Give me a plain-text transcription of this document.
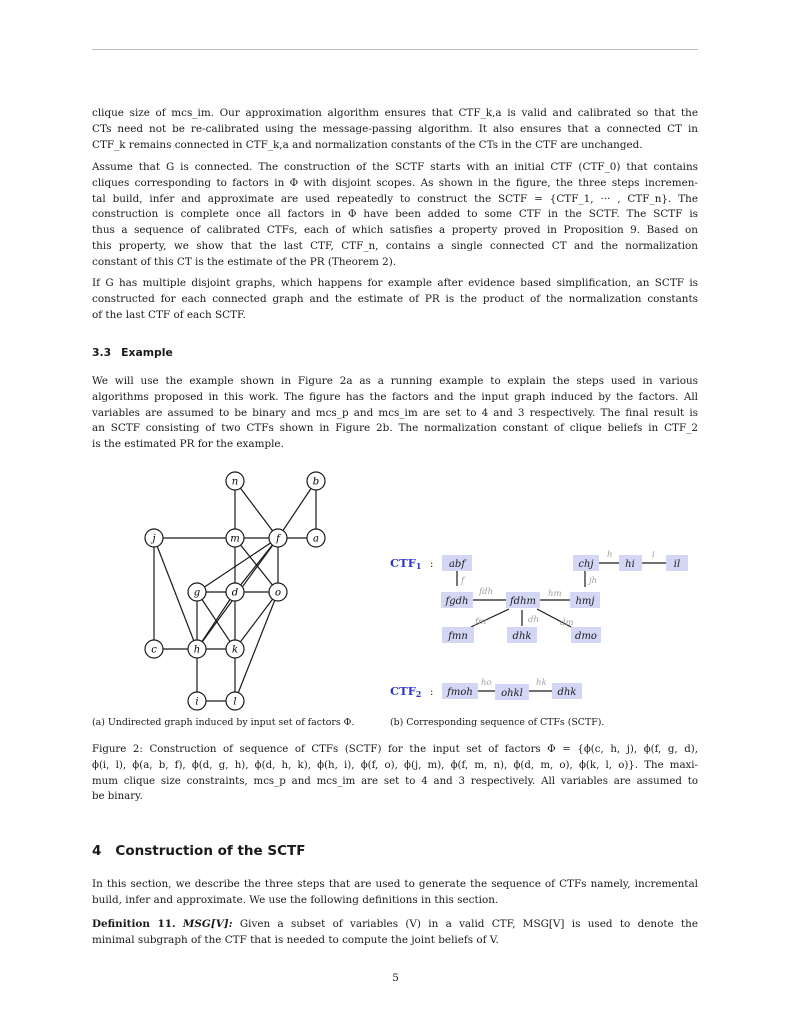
clique size of mcs_im. Our approximation algorithm ensures that CTF_k,a is valid and calibrated so that the
CTs need not be re-calibrated using the message-passing algorithm. It also ensures that a connected CT in
CTF_k remains connected in CTF_k,a and normalization constants of the CTs in the CTF are unchanged.

Assume that G is connected. The construction of the SCTF starts with an initial CTF (CTF_0) that contains
cliques corresponding to factors in Φ with disjoint scopes. As shown in the figure, the three steps incremen-
tal build, infer and approximate are used repeatedly to construct the SCTF = {CTF_1, ··· , CTF_n}. The
construction is complete once all factors in Φ have been added to some CTF in the SCTF. The SCTF is
thus a sequence of calibrated CTFs, each of which satisfies a property proved in Proposition 9. Based on
this property, we show that the last CTF, CTF_n, contains a single connected CT and the normalization
constant of this CT is the estimate of the PR (Theorem 2).

If G has multiple disjoint graphs, which happens for example after evidence based simplification, an SCTF is
constructed for each connected graph and the estimate of PR is the product of the normalization constants
of the last CTF of each SCTF.

3.3 Example

We will use the example shown in Figure 2a as a running example to explain the steps used in various
algorithms proposed in this work. The figure has the factors and the input graph induced by the factors. All
variables are assumed to be binary and mcs_p and mcs_im are set to 4 and 3 respectively. The final result is
an SCTF consisting of two CTFs shown in Figure 2b. The normalization constant of clique beliefs in CTF_2
is the estimated PR for the example.

n	b
j	m	f	a
g	d	o
c	h	k
i	l
CTF1 :
CTF2 :
abf	chj	hi	il
fgdh	fdhm	hmj
fmn	dhk	dmo
fmoh	ohkl	dhk
h	i
f	jh
fdh	hm
fm	dh dm
ho	hk
(a) Undirected graph induced by input set of factors Φ.	(b) Corresponding sequence of CTFs (SCTF).
Figure 2: Construction of sequence of CTFs (SCTF) for the input set of factors Φ = {ϕ(c, h, j), ϕ(f, g, d),
ϕ(i, l), ϕ(a, b, f), ϕ(d, g, h), ϕ(d, h, k), ϕ(h, i), ϕ(f, o), ϕ(j, m), ϕ(f, m, n), ϕ(d, m, o), ϕ(k, l, o)}. The maxi-
mum clique size constraints, mcs_p and mcs_im are set to 4 and 3 respectively. All variables are assumed to
be binary.
4 Construction of the SCTF

In this section, we describe the three steps that are used to generate the sequence of CTFs namely, incremental
build, infer and approximate. We use the following definitions in this section.

Definition 11. MSG[V]: Given a subset of variables (V) in a valid CTF, MSG[V] is used to denote the
minimal subgraph of the CTF that is needed to compute the joint beliefs of V.

5
